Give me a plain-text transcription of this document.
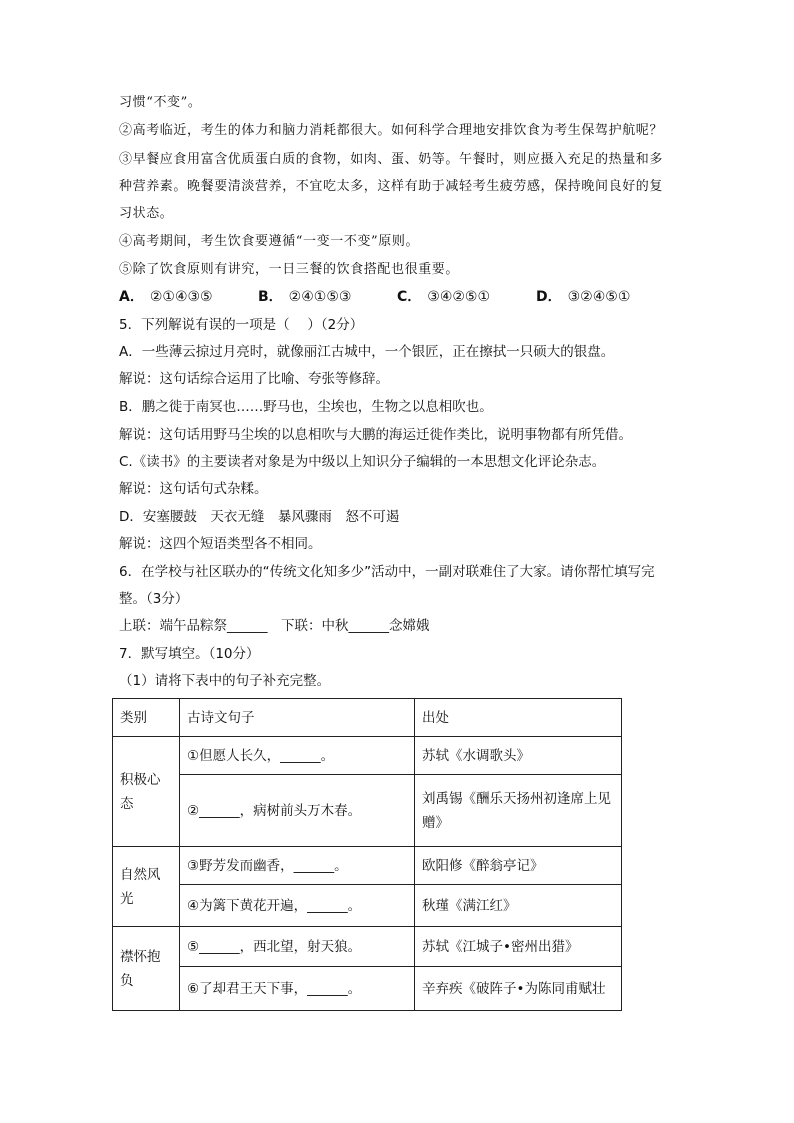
习惯“不变”。
②高考临近，考生的体力和脑力消耗都很大。如何科学合理地安排饮食为考生保驾护航呢？
③早餐应食用富含优质蛋白质的食物，如肉、蛋、奶等。午餐时，则应摄入充足的热量和多
种营养素。晚餐要清淡营养，不宜吃太多，这样有助于减轻考生疲劳感，保持晚间良好的复
习状态。
④高考期间，考生饮食要遵循“一变一不变”原则。
⑤除了饮食原则有讲究，一日三餐的饮食搭配也很重要。
A． ②①④③⑤	B． ②④①⑤③	C． ③④②⑤①	D． ③②④⑤①
5．下列解说有误的一项是（　 ）（2分）
A．一些薄云掠过月亮时，就像丽江古城中，一个银匠，正在擦拭一只硕大的银盘。
解说：这句话综合运用了比喻、夸张等修辞。
B．鹏之徙于南冥也……野马也，尘埃也，生物之以息相吹也。
解说：这句话用野马尘埃的以息相吹与大鹏的海运迁徙作类比，说明事物都有所凭借。
C.《读书》的主要读者对象是为中级以上知识分子编辑的一本思想文化评论杂志。
解说：这句话句式杂糅。
D．安塞腰鼓　天衣无缝　暴风骤雨　怒不可遏
解说：这四个短语类型各不相同。
6．在学校与社区联办的“传统文化知多少”活动中，一副对联难住了大家。请你帮忙填写完
整。（3分）
上联：端午品粽祭______　下联：中秋______念嫦娥
7．默写填空。（10分）
（1）请将下表中的句子补充完整。
类别	古诗文句子	出处
积极心
态	①但愿人长久，______。	苏轼《水调歌头》
	②______，病树前头万木春。	刘禹锡《酬乐天扬州初逢席上见
赠》
自然风
光	③野芳发而幽香，______。	欧阳修《醉翁亭记》
	④为篱下黄花开遍，______。	秋瑾《满江红》
襟怀抱
负	⑤______，西北望，射天狼。	苏轼《江城子•密州出猎》
	⑥了却君王天下事，______。	辛弃疾《破阵子•为陈同甫赋壮
